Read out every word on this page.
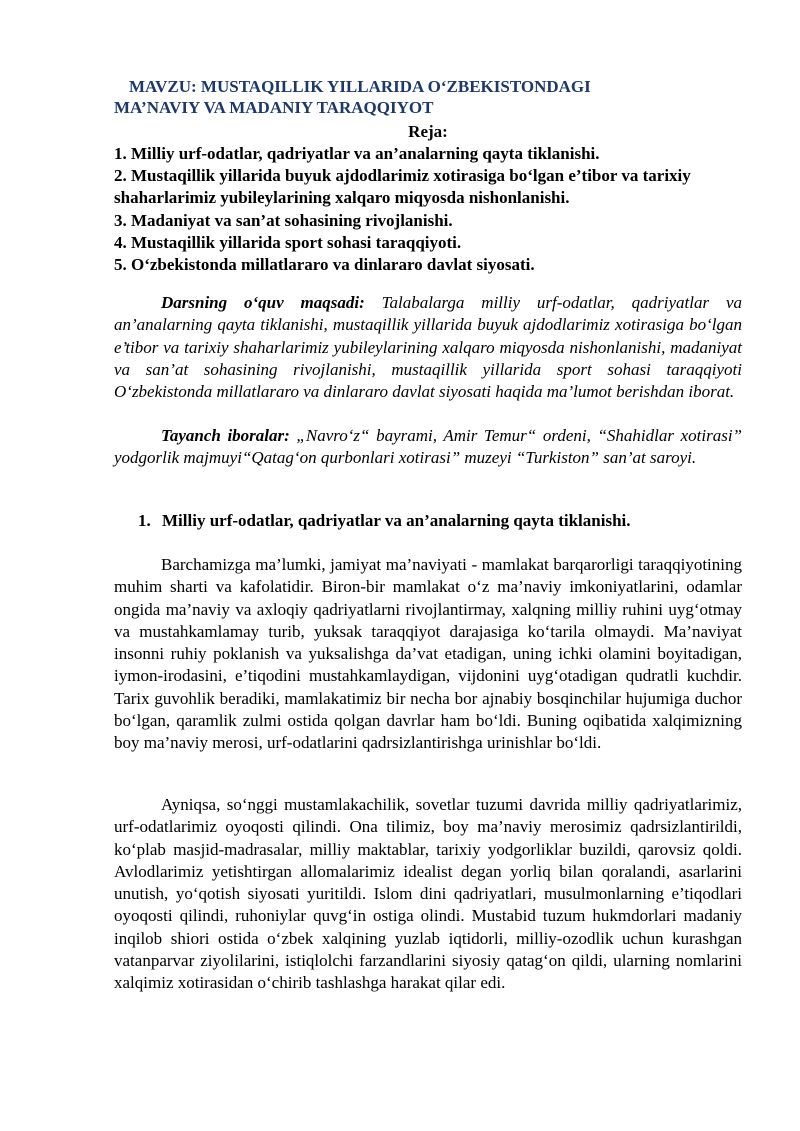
MAVZU: MUSTAQILLIK YILLARIDA O‘ZBEKISTONDAGI
MA’NAVIY VA MADANIY TARAQQIYOT
Reja:
1. Milliy urf-odatlar, qadriyatlar va an’analarning qayta tiklanishi.
2. Mustaqillik yillarida buyuk ajdodlarimiz xotirasiga bo‘lgan e’tibor va tarixiy shaharlarimiz yubileylarining xalqaro miqyosda nishonlanishi.
3. Madaniyat va san’at sohasining rivojlanishi.
4. Mustaqillik yillarida sport sohasi taraqqiyoti.
5. O‘zbekistonda millatlararo va dinlararo davlat siyosati.

Darsning o‘quv maqsadi: Talabalarga milliy urf-odatlar, qadriyatlar va an’analarning qayta tiklanishi, mustaqillik yillarida buyuk ajdodlarimiz xotirasiga bo‘lgan e’tibor va tarixiy shaharlarimiz yubileylarining xalqaro miqyosda nishonlanishi, madaniyat va san’at sohasining rivojlanishi, mustaqillik yillarida sport sohasi taraqqiyoti O‘zbekistonda millatlararo va dinlararo davlat siyosati haqida ma’lumot berishdan iborat.

Tayanch iboralar: „Navro‘z“ bayrami, Amir Temur“ ordeni, “Shahidlar xotirasi” yodgorlik majmuyi“Qatag‘on qurbonlari xotirasi” muzeyi “Turkiston” san’at saroyi.

1. Milliy urf-odatlar, qadriyatlar va an’analarning qayta tiklanishi.

Barchamizga ma’lumki, jamiyat ma’naviyati - mamlakat barqarorligi taraqqiyotining muhim sharti va kafolatidir. Biron-bir mamlakat o‘z ma’naviy imkoniyatlarini, odamlar ongida ma’naviy va axloqiy qadriyatlarni rivojlantirmay, xalqning milliy ruhini uyg‘otmay va mustahkamlamay turib, yuksak taraqqiyot darajasiga ko‘tarila olmaydi. Ma’naviyat insonni ruhiy poklanish va yuksalishga da’vat etadigan, uning ichki olamini boyitadigan, iymon-irodasini, e’tiqodini mustahkamlaydigan, vijdonini uyg‘otadigan qudratli kuchdir. Tarix guvohlik beradiki, mamlakatimiz bir necha bor ajnabiy bosqinchilar hujumiga duchor bo‘lgan, qaramlik zulmi ostida qolgan davrlar ham bo‘ldi. Buning oqibatida xalqimizning boy ma’naviy merosi, urf-odatlarini qadrsizlantirishga urinishlar bo‘ldi.

Ayniqsa, so‘nggi mustamlakachilik, sovetlar tuzumi davrida milliy qadriyatlarimiz, urf-odatlarimiz oyoqosti qilindi. Ona tilimiz, boy ma’naviy merosimiz qadrsizlantirildi, ko‘plab masjid-madrasalar, milliy maktablar, tarixiy yodgorliklar buzildi, qarovsiz qoldi. Avlodlarimiz yetishtirgan allomalarimiz idealist degan yorliq bilan qoralandi, asarlarini unutish, yo‘qotish siyosati yuritildi. Islom dini qadriyatlari, musulmonlarning e’tiqodlari oyoqosti qilindi, ruhoniylar quvg‘in ostiga olindi. Mustabid tuzum hukmdorlari madaniy inqilob shiori ostida o‘zbek xalqining yuzlab iqtidorli, milliy-ozodlik uchun kurashgan vatanparvar ziyolilarini, istiqlolchi farzandlarini siyosiy qatag‘on qildi, ularning nomlarini xalqimiz xotirasidan o‘chirib tashlashga harakat qilar edi.
